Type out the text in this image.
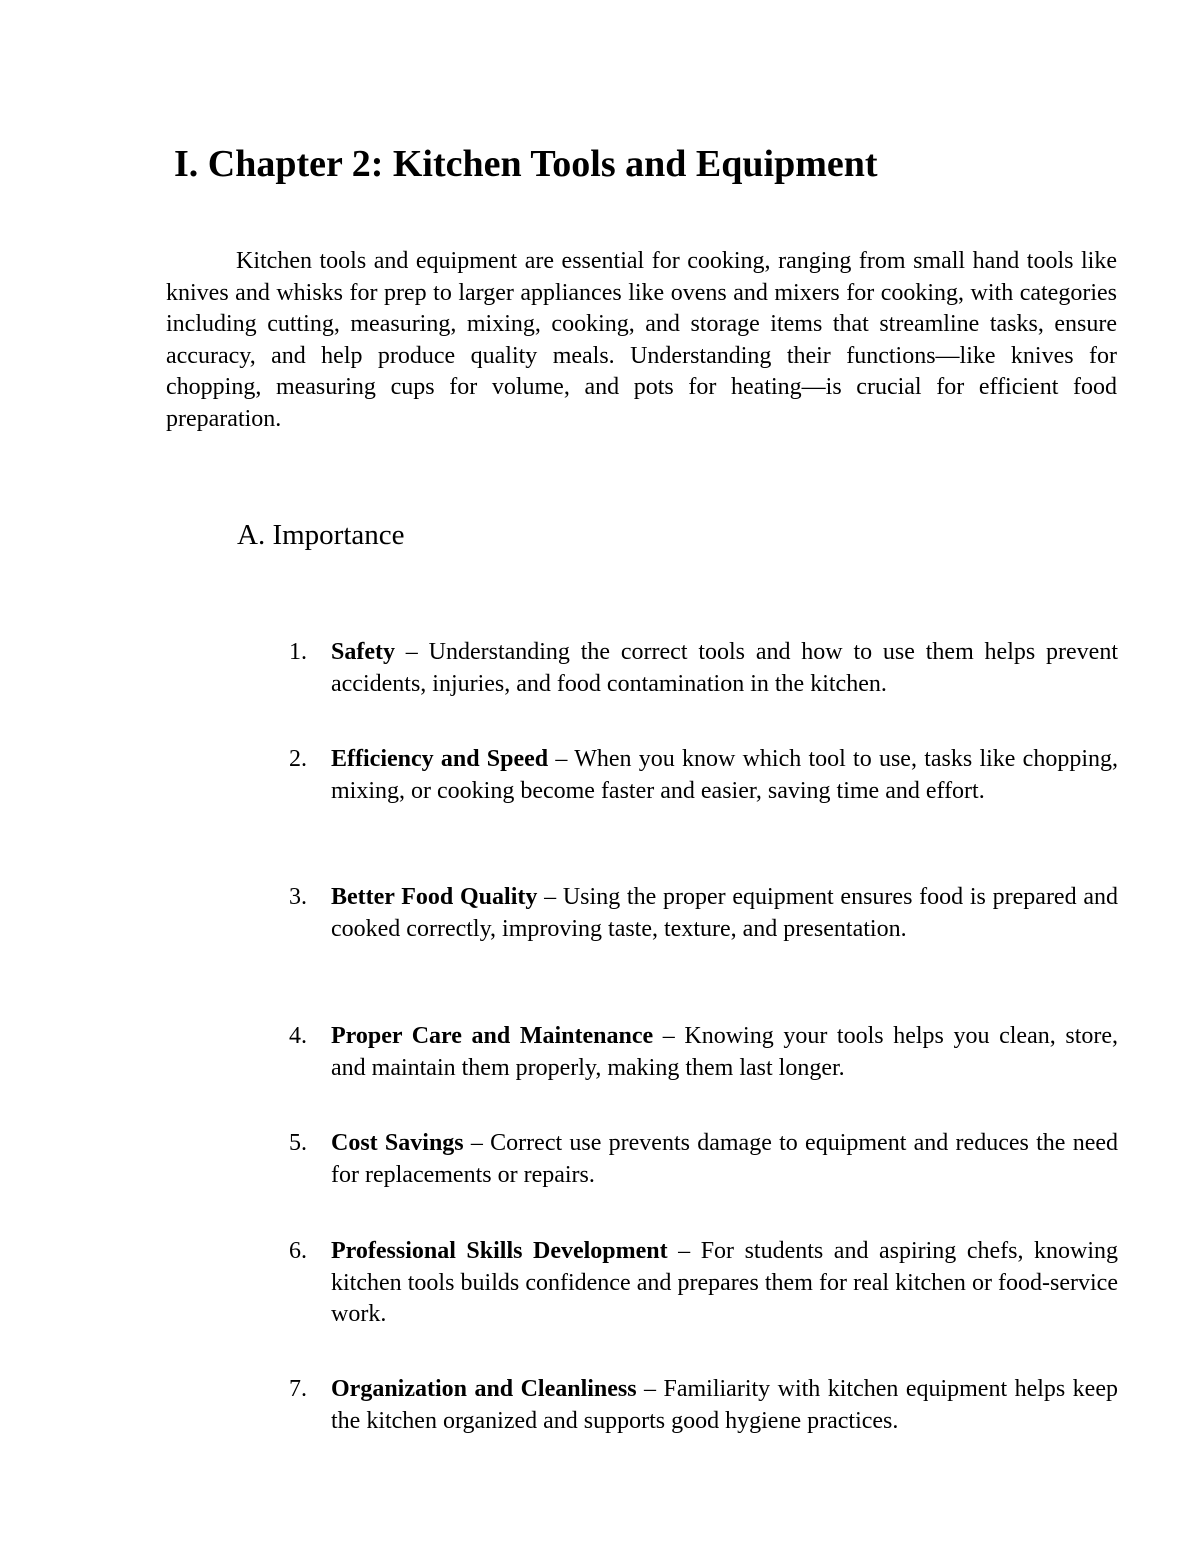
I. Chapter 2: Kitchen Tools and Equipment

Kitchen tools and equipment are essential for cooking, ranging from small hand tools like knives and whisks for prep to larger appliances like ovens and mixers for cooking, with categories including cutting, measuring, mixing, cooking, and storage items that streamline tasks, ensure accuracy, and help produce quality meals. Understanding their functions—like knives for chopping, measuring cups for volume, and pots for heating—is crucial for efficient food preparation.

A. Importance
1.	Safety – Understanding the correct tools and how to use them helps prevent accidents, injuries, and food contamination in the kitchen.
2.	Efficiency and Speed – When you know which tool to use, tasks like chopping, mixing, or cooking become faster and easier, saving time and effort.
3.	Better Food Quality – Using the proper equipment ensures food is prepared and cooked correctly, improving taste, texture, and presentation.
4.	Proper Care and Maintenance – Knowing your tools helps you clean, store, and maintain them properly, making them last longer.
5.	Cost Savings – Correct use prevents damage to equipment and reduces the need for replacements or repairs.
6.	Professional Skills Development – For students and aspiring chefs, knowing kitchen tools builds confidence and prepares them for real kitchen or food-service work.
7.	Organization and Cleanliness – Familiarity with kitchen equipment helps keep the kitchen organized and supports good hygiene practices.
